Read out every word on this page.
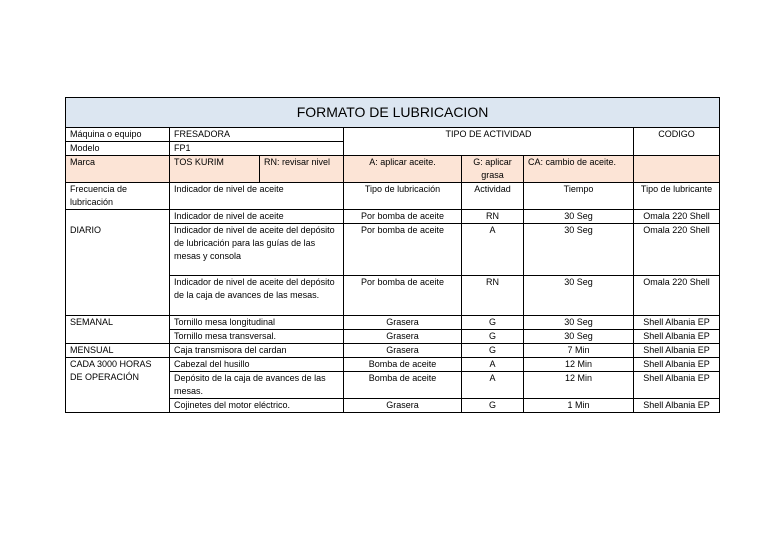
FORMATO DE LUBRICACION						
Máquina o equipo	FRESADORA		TIPO DE ACTIVIDAD			CODIGO
Modelo	FP1					
Marca	TOS KURIM	RN: revisar nivel	A: aplicar aceite.	G: aplicar grasa	CA: cambio de aceite.	
Frecuencia de lubricación	Indicador de nivel de aceite		Tipo de lubricación	Actividad	Tiempo	Tipo de lubricante

DIARIO	Indicador de nivel de aceite		Por bomba de aceite	RN	30 Seg	Omala 220 Shell
	Indicador de nivel de aceite del depósito de lubricación para las guías de las mesas y consola		Por bomba de aceite	A	30 Seg	Omala 220 Shell
	Indicador de nivel de aceite del depósito de la caja de avances de las mesas.		Por bomba de aceite	RN	30 Seg	Omala 220 Shell
SEMANAL	Tornillo mesa longitudinal		Grasera	G	30 Seg	Shell Albania EP
	Tornillo mesa transversal.		Grasera	G	30 Seg	Shell Albania EP
MENSUAL	Caja transmisora del cardan		Grasera	G	7 Min	Shell Albania EP
CADA 3000 HORAS DE OPERACIÓN	Cabezal del husillo		Bomba de aceite	A	12 Min	Shell Albania EP
	Depósito de la caja de avances de las mesas.		Bomba de aceite	A	12 Min	Shell Albania EP
	Cojinetes del motor eléctrico.		Grasera	G	1 Min	Shell Albania EP
